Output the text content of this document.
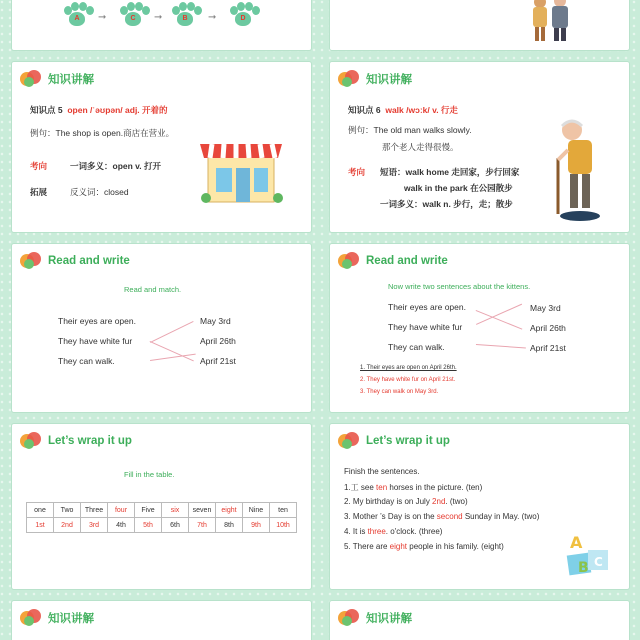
A	➞	C	➞	B	➞	D
知识讲解
知识点 5 open /ˈəʊpən/ adj. 开着的
例句：The shop is open.商店在营业。
考向	一词多义：open v. 打开
拓展	反义词：closed
知识讲解
知识点 6 walk /wɔːk/ v. 行走
例句：The old man walks slowly.
那个老人走得很慢。
考向 短语：walk home 走回家，步行回家
walk in the park 在公园散步
一词多义：walk n. 步行，走；散步
Read and write
Read and match.
Their eyes are open.
They have white fur
They can walk.
May 3rd
April 26th
Aprif 21st
Read and write
Now write two sentences about the kittens.
Their eyes are open.
They have white fur
They can walk.
May 3rd
April 26th
Aprif 21st
1. Their eyes are open on April 26th.
2. They have white fur on April 21st.
3. They can walk on May 3rd.
Let’s wrap it up
Fill in the table.
one	Two	Three	four	Five	six	seven	eight	Nine	ten
1st	2nd	3rd	4th	5th	6th	7th	8th	9th	10th
Let’s wrap it up
Finish the sentences.
1.工 see ten horses in the picture. (ten)
2. My birthday is on July 2nd. (two)
3. Mother ’s Day is on the second Sunday in May. (two)
4. It is three. o'clock. (three)
5. There are eight people in his family. (eight)	A
B C
知识讲解	知识讲解
